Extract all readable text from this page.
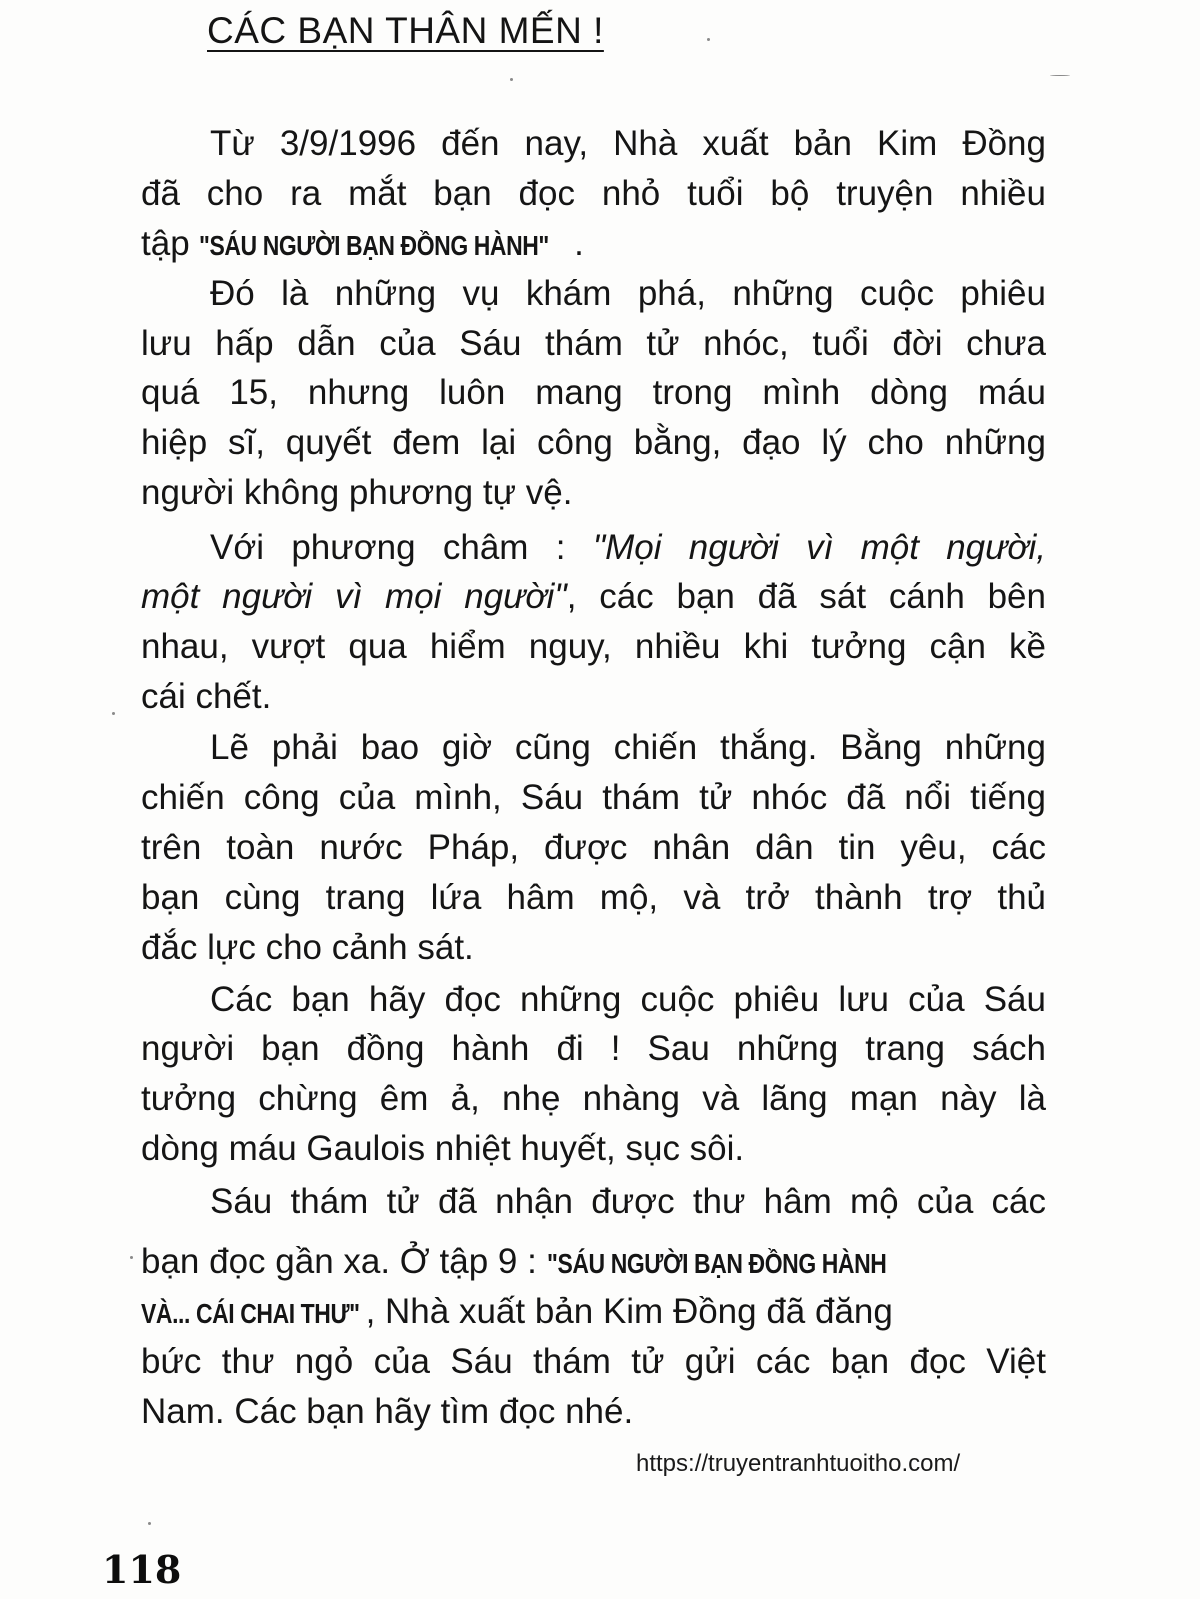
CÁC BẠN THÂN MẾN !
Từ 3/9/1996 đến nay, Nhà xuất bản Kim Đồng
đã cho ra mắt bạn đọc nhỏ tuổi bộ truyện nhiều
tập "SÁU NGƯỜI BẠN ĐỒNG HÀNH" .
Đó là những vụ khám phá, những cuộc phiêu
lưu hấp dẫn của Sáu thám tử nhóc, tuổi đời chưa
quá 15, nhưng luôn mang trong mình dòng máu
hiệp sĩ, quyết đem lại công bằng, đạo lý cho những
người không phương tự vệ.
Với phương châm : "Mọi người vì một người,
một người vì mọi người", các bạn đã sát cánh bên
nhau, vượt qua hiểm nguy, nhiều khi tưởng cận kề
cái chết.
Lẽ phải bao giờ cũng chiến thắng. Bằng những
chiến công của mình, Sáu thám tử nhóc đã nổi tiếng
trên toàn nước Pháp, được nhân dân tin yêu, các
bạn cùng trang lứa hâm mộ, và trở thành trợ thủ
đắc lực cho cảnh sát.
Các bạn hãy đọc những cuộc phiêu lưu của Sáu
người bạn đồng hành đi ! Sau những trang sách
tưởng chừng êm ả, nhẹ nhàng và lãng mạn này là
dòng máu Gaulois nhiệt huyết, sục sôi.
Sáu thám tử đã nhận được thư hâm mộ của các
bạn đọc gần xa. Ở tập 9 : "SÁU NGƯỜI BẠN ĐỒNG HÀNH
VÀ... CÁI CHAI THƯ" , Nhà xuất bản Kim Đồng đã đăng
bức thư ngỏ của Sáu thám tử gửi các bạn đọc Việt
Nam. Các bạn hãy tìm đọc nhé.
https://truyentranhtuoitho.com/
118
